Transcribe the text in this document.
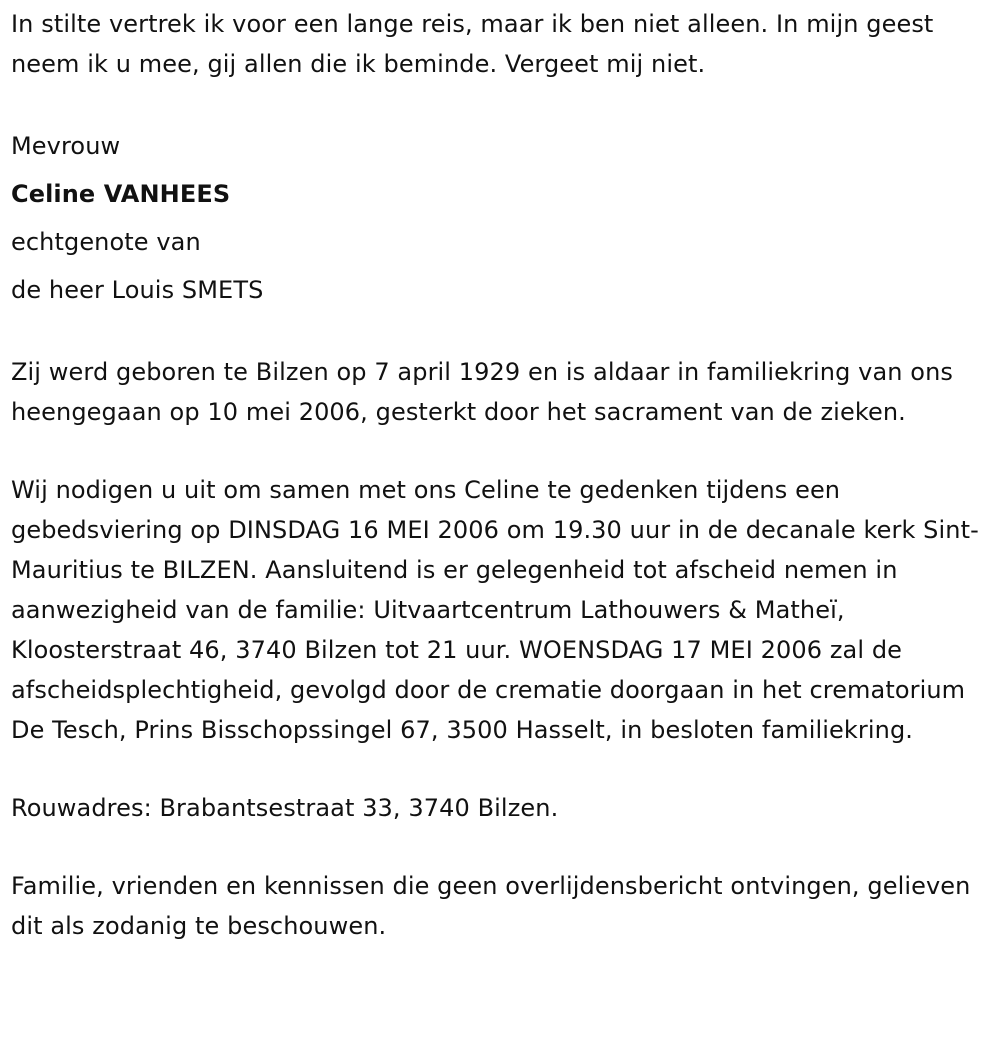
In stilte vertrek ik voor een lange reis, maar ik ben niet alleen. In mijn geest neem ik u mee, gij allen die ik beminde. Vergeet mij niet.

Mevrouw

Celine VANHEES

echtgenote van

de heer Louis SMETS

Zij werd geboren te Bilzen op 7 april 1929 en is aldaar in familiekring van ons heengegaan op 10 mei 2006, gesterkt door het sacrament van de zieken.

Wij nodigen u uit om samen met ons Celine te gedenken tijdens een gebedsviering op DINSDAG 16 MEI 2006 om 19.30 uur in de decanale kerk Sint-Mauritius te BILZEN. Aansluitend is er gelegenheid tot afscheid nemen in aanwezigheid van de familie: Uitvaartcentrum Lathouwers & Matheï, Kloosterstraat 46, 3740 Bilzen tot 21 uur. WOENSDAG 17 MEI 2006 zal de afscheidsplechtigheid, gevolgd door de crematie doorgaan in het crematorium De Tesch, Prins Bisschopssingel 67, 3500 Hasselt, in besloten familiekring.

Rouwadres: Brabantsestraat 33, 3740 Bilzen.

Familie, vrienden en kennissen die geen overlijdensbericht ontvingen, gelieven dit als zodanig te beschouwen.
